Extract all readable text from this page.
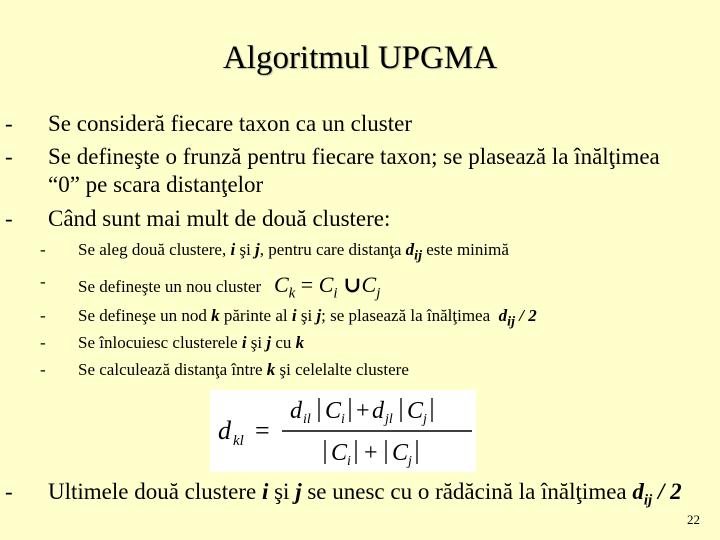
Algoritmul UPGMA
- Se consideră fiecare taxon ca un cluster
- Se defineşte o frunză pentru fiecare taxon; se plasează la înălţimea
“0” pe scara distanţelor
- Când sunt mai mult de două clustere:
- Se aleg două clustere, i şi j, pentru care distanţa $d_{ij}$ este minimă
- Se defineşte un nou cluster $C_k = C_i$ $\cup C_j$
- Se defineşe un nod k părinte al i şi j; se plasează la înălţimea  $d_{ij} / 2$
- Se înlocuiesc clusterele i şi j cu k
- Se calculează distanţa între k şi celelalte clustere
d kl =
d il C i + d jl C j
C i + C j
- Ultimele două clustere i şi j se unesc cu o rădăcină la înălţimea $d_{ij} / 2$
22
